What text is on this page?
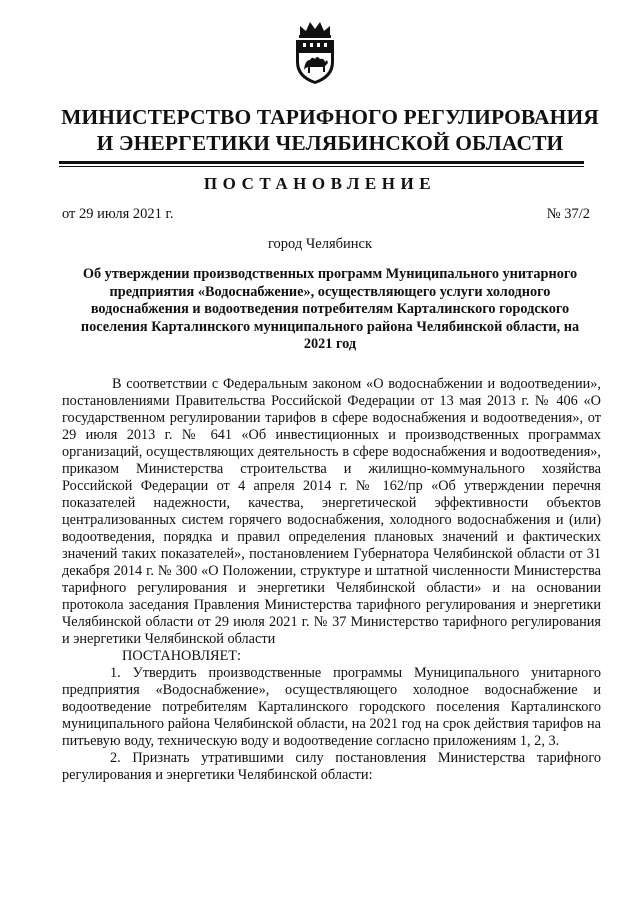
МИНИСТЕРСТВО ТАРИФНОГО РЕГУЛИРОВАНИЯ
И ЭНЕРГЕТИКИ ЧЕЛЯБИНСКОЙ ОБЛАСТИ
ПОСТАНОВЛЕНИЕ
от 29 июля 2021 г.	№ 37/2
город Челябинск
Об утверждении производственных программ Муниципального унитарного предприятия «Водоснабжение», осуществляющего услуги холодного водоснабжения и водоотведения потребителям Карталинского городского поселения Карталинского муниципального района Челябинской области, на 2021 год

В соответствии с Федеральным законом «О водоснабжении и водоотведении», постановлениями Правительства Российской Федерации от 13 мая 2013 г. № 406 «О государственном регулировании тарифов в сфере водоснабжения и водоотведения», от 29 июля 2013 г. № 641 «Об инвестиционных и производственных программах организаций, осуществляющих деятельность в сфере водоснабжения и водоотведения», приказом Министерства строительства и жилищно-коммунального хозяйства Российской Федерации от 4 апреля 2014 г. № 162/пр «Об утверждении перечня показателей надежности, качества, энергетической эффективности объектов централизованных систем горячего водоснабжения, холодного водоснабжения и (или) водоотведения, порядка и правил определения плановых значений и фактических значений таких показателей», постановлением Губернатора Челябинской области от 31 декабря 2014 г. № 300 «О Положении, структуре и штатной численности Министерства тарифного регулирования и энергетики Челябинской области» и на основании протокола заседания Правления Министерства тарифного регулирования и энергетики Челябинской области от 29 июля 2021 г. № 37 Министерство тарифного регулирования и энергетики Челябинской области

ПОСТАНОВЛЯЕТ:

1. Утвердить производственные программы Муниципального унитарного предприятия «Водоснабжение», осуществляющего холодное водоснабжение и водоотведение потребителям Карталинского городского поселения Карталинского муниципального района Челябинской области, на 2021 год на срок действия тарифов на питьевую воду, техническую воду и водоотведение согласно приложениям 1, 2, 3.

2. Признать утратившими силу постановления Министерства тарифного регулирования и энергетики Челябинской области:
